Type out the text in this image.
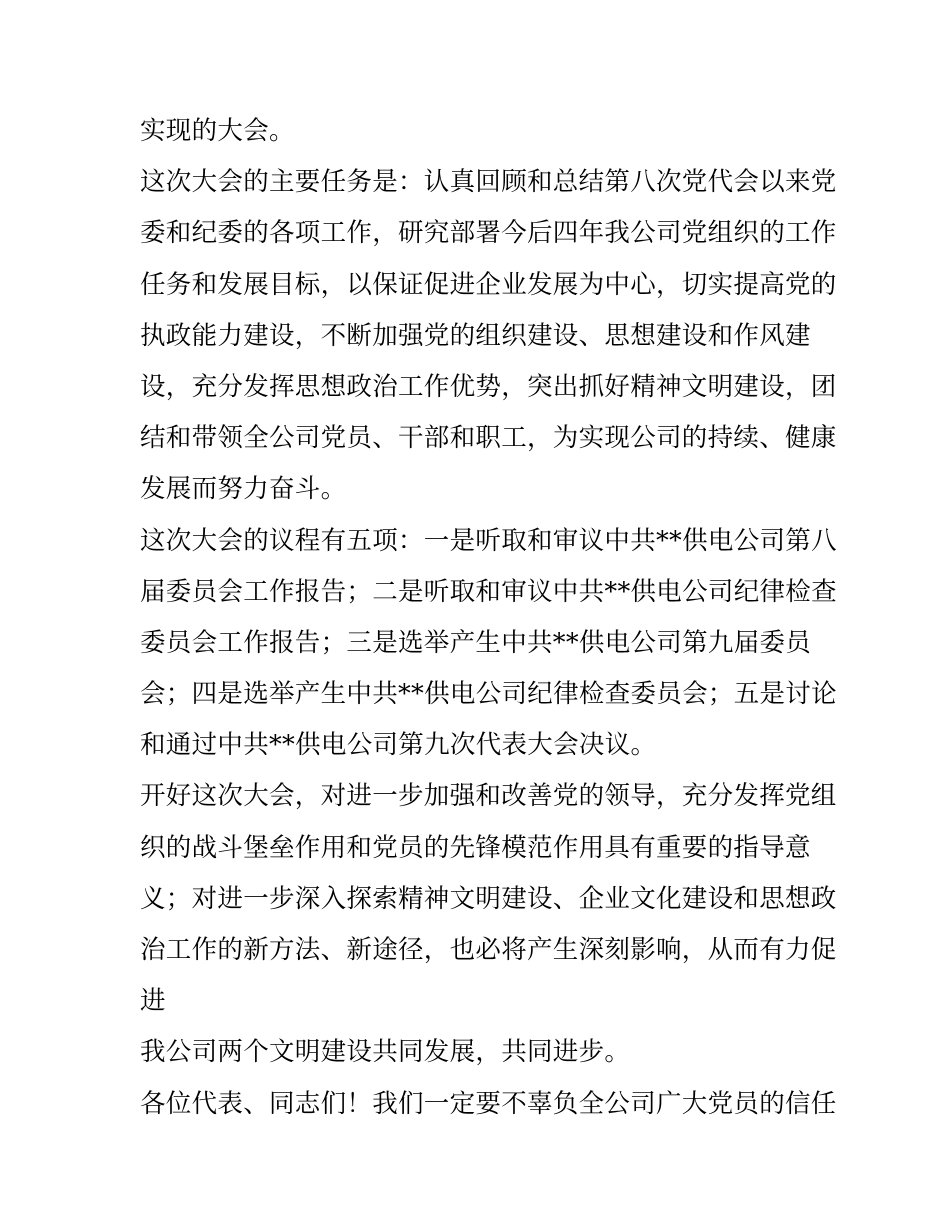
实现的大会。
这次大会的主要任务是：认真回顾和总结第八次党代会以来党
委和纪委的各项工作，研究部署今后四年我公司党组织的工作
任务和发展目标，以保证促进企业发展为中心，切实提高党的
执政能力建设，不断加强党的组织建设、思想建设和作风建
设，充分发挥思想政治工作优势，突出抓好精神文明建设，团
结和带领全公司党员、干部和职工，为实现公司的持续、健康
发展而努力奋斗。
这次大会的议程有五项：一是听取和审议中共**供电公司第八
届委员会工作报告；二是听取和审议中共**供电公司纪律检查
委员会工作报告；三是选举产生中共**供电公司第九届委员
会；四是选举产生中共**供电公司纪律检查委员会；五是讨论
和通过中共**供电公司第九次代表大会决议。
开好这次大会，对进一步加强和改善党的领导，充分发挥党组
织的战斗堡垒作用和党员的先锋模范作用具有重要的指导意
义；对进一步深入探索精神文明建设、企业文化建设和思想政
治工作的新方法、新途径，也必将产生深刻影响，从而有力促
进
我公司两个文明建设共同发展，共同进步。
各位代表、同志们！我们一定要不辜负全公司广大党员的信任
